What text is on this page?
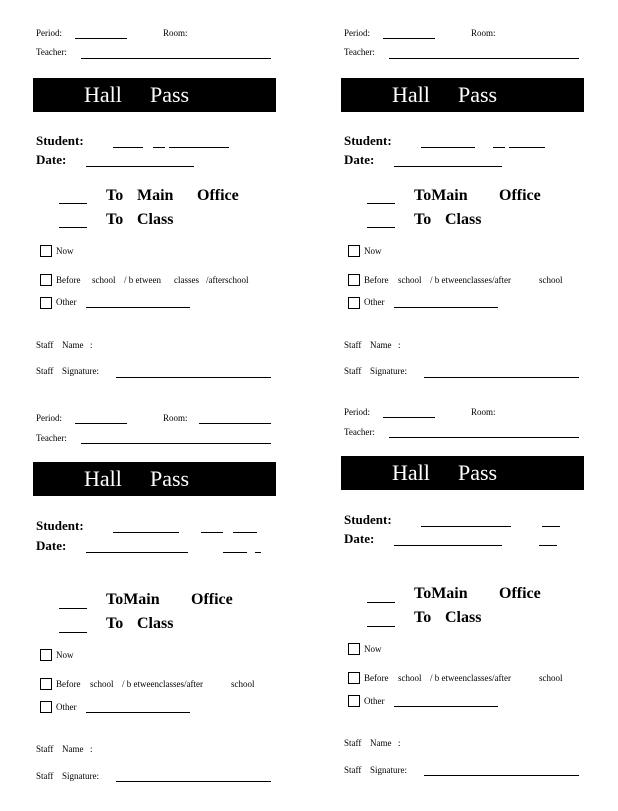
Period:	Room:
Teacher:
Hall Pass
Student:
Date:
To Main Office
To Class
Now
Before school / b etween classes /afterschool
Other
Staff Name :
Staff Signature:
Period:	Room:
Teacher:
Hall Pass
Student:
Date:
ToMain Office
To Class
Now
Before school / b etweenclasses/after	school
Other
Staff Name :
Staff Signature:
Period:	Room:
Teacher:
Hall Pass
Student:
Date:
ToMain Office
To Class
Now
Before school / b etweenclasses/after	school
Other
Staff Name :
Staff Signature:
Period:	Room:
Teacher:
Hall Pass
Student:
Date:
ToMain Office
To Class
Now
Before school / b etweenclasses/after	school
Other
Staff Name :
Staff Signature:
